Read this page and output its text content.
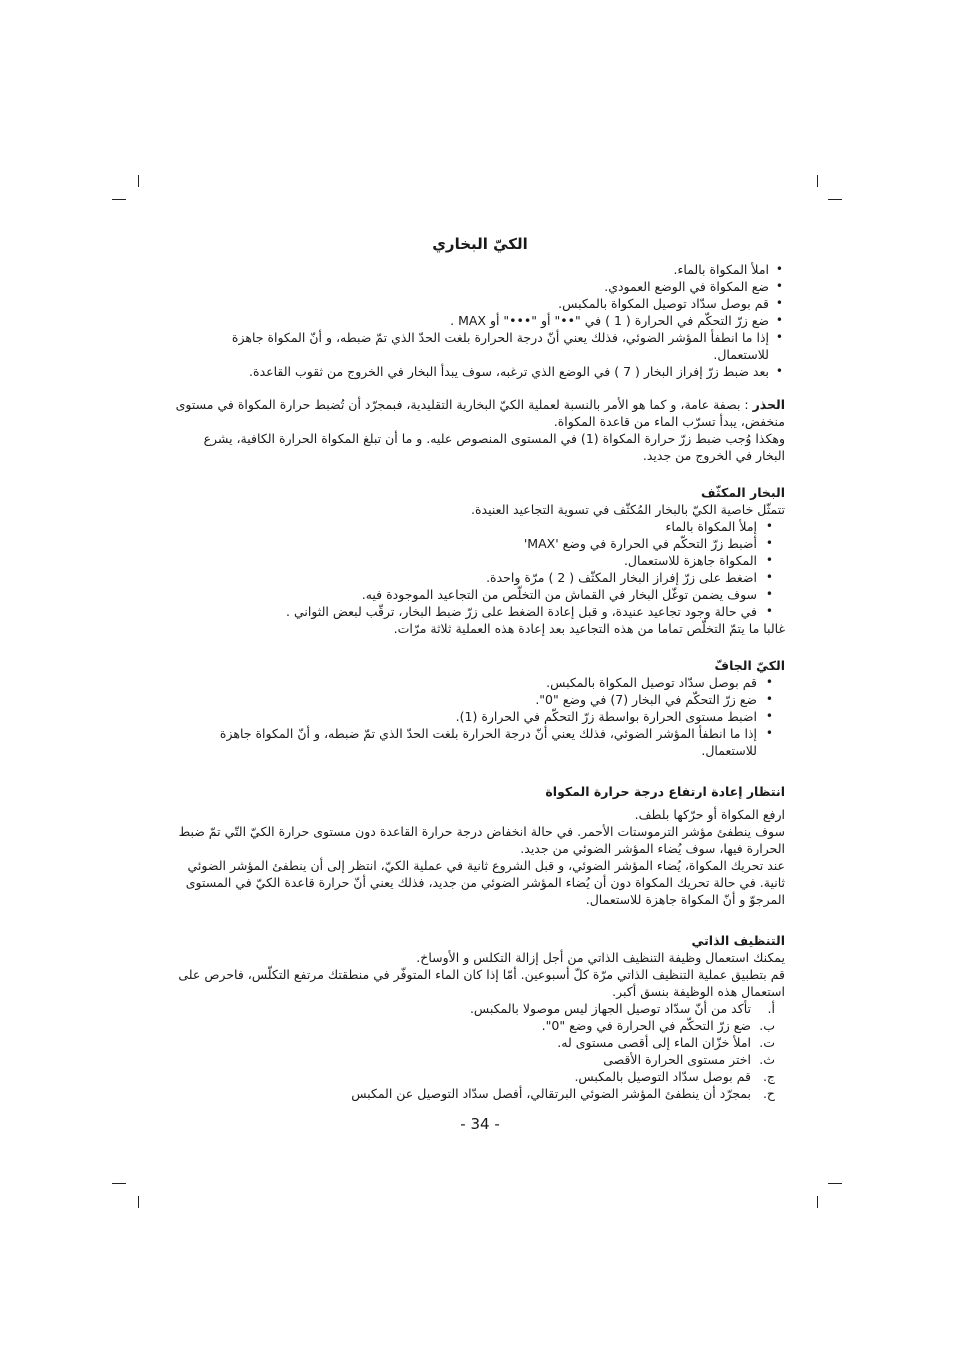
الكيّ البخاري
• املأ المكواة بالماء.
• ضع المكواة في الوضع العمودي.
• قم بوصل سدّاد توصيل المكواة بالمكبس.
• ضع زرّ التحكّم في الحرارة ( 1 ) في "••" أو "•••" أو MAX .
• إذا ما انطفأ المؤشر الضوئي، فذلك يعني أنّ درجة الحرارة بلغت الحدّ الذي تمّ ضبطه، و أنّ المكواة جاهزة للاستعمال.
• بعد ضبط زرّ إفراز البخار ( 7 ) في الوضع الذي ترغبه، سوف يبدأ البخار في الخروج من ثقوب القاعدة.

الحذر : بصفة عامة، و كما هو الأمر بالنسبة لعملية الكيّ البخارية التقليدية، فبمجرّد أن تُضبط حرارة المكواة في مستوى منخفض، يبدأ تسرّب الماء من قاعدة المكواة.

وهكذا وُجب ضبط زرّ حرارة المكواة (1) في المستوى المنصوص عليه. و ما أن تبلغ المكواة الحرارة الكافية، يشرع البخار في الخروج من جديد.

البخار المكثّف

تتمثّل خاصية الكيّ بالبخار المُكثّف في تسوية التجاعيد العنيدة.

• إملأ المكواة بالماء
• أضبط زرّ التحكّم في الحرارة في وضع 'MAX'
• المكواة جاهزة للاستعمال.
• اضغط على زرّ إفراز البخار المكثّف ( 2 ) مرّة واحدة.
• سوف يضمن توغّل البخار في القماش من التخلّص من التجاعيد الموجودة فيه.
• في حالة وجود تجاعيد عنيدة، و قبل إعادة الضغط على زرّ ضبط البخار، ترقّب لبعض الثواني .

غالبا ما يتمّ التخلّص تماما من هذه التجاعيد بعد إعادة هذه العملية ثلاثة مرّات.

الكيّ الجافّ
• قم بوصل سدّاد توصيل المكواة بالمكبس.
• ضع زرّ التحكّم في البخار (7) في وضع "0".
• اضبط مستوى الحرارة بواسطة زرّ التحكّم في الحرارة (1).
• إذا ما انطفأ المؤشر الضوئي، فذلك يعني أنّ درجة الحرارة بلغت الحدّ الذي تمّ ضبطه، و أنّ المكواة جاهزة للاستعمال.
انتظار إعادة ارتفاع درجة حرارة المكواة

ارفع المكواة أو حرّكها بلطف.

سوف ينطفئ مؤشر الترموستات الأحمر. في حالة انخفاض درجة حرارة القاعدة دون مستوى حرارة الكيّ التّي تمّ ضبط الحرارة فيها، سوف يُضاء المؤشر الضوئي من جديد.

عند تحريك المكواة، يُضاء المؤشر الضوئي، و قبل الشروع ثانية في عملية الكيّ، انتظر إلى أن ينطفئ المؤشر الضوئي ثانية. في حالة تحريك المكواة دون أن يُضاء المؤشر الضوئي من جديد، فذلك يعني أنّ حرارة قاعدة الكيّ في المستوى المرجوّ و أنّ المكواة جاهزة للاستعمال.

التنظيف الذاتي

يمكنك استعمال وظيفة التنظيف الذاتي من أجل إزالة التكلس و الأوساخ.

قم بتطبيق عملية التنظيف الذاتي مرّة كلّ أسبوعين. أمّا إذا كان الماء المتوفّر في منطقتك مرتفع التكلّس، فاحرص على استعمال هذه الوظيفة بنسق أكبر.

أ.
تأكد من أنّ سدّاد توصيل الجهاز ليس موصولا بالمكبس.
ب.
ضع زرّ التحكّم في الحرارة في وضع "0".
ت.
املأ خزّان الماء إلى أقصى مستوى له.
ث.
اختر مستوى الحرارة الأقصى
ج.
قم بوصل سدّاد التوصيل بالمكبس.
ح.
بمجرّد أن ينطفئ المؤشر الضوئي البرتقالي، أفصل سدّاد التوصيل عن المكبس
- 34 -
